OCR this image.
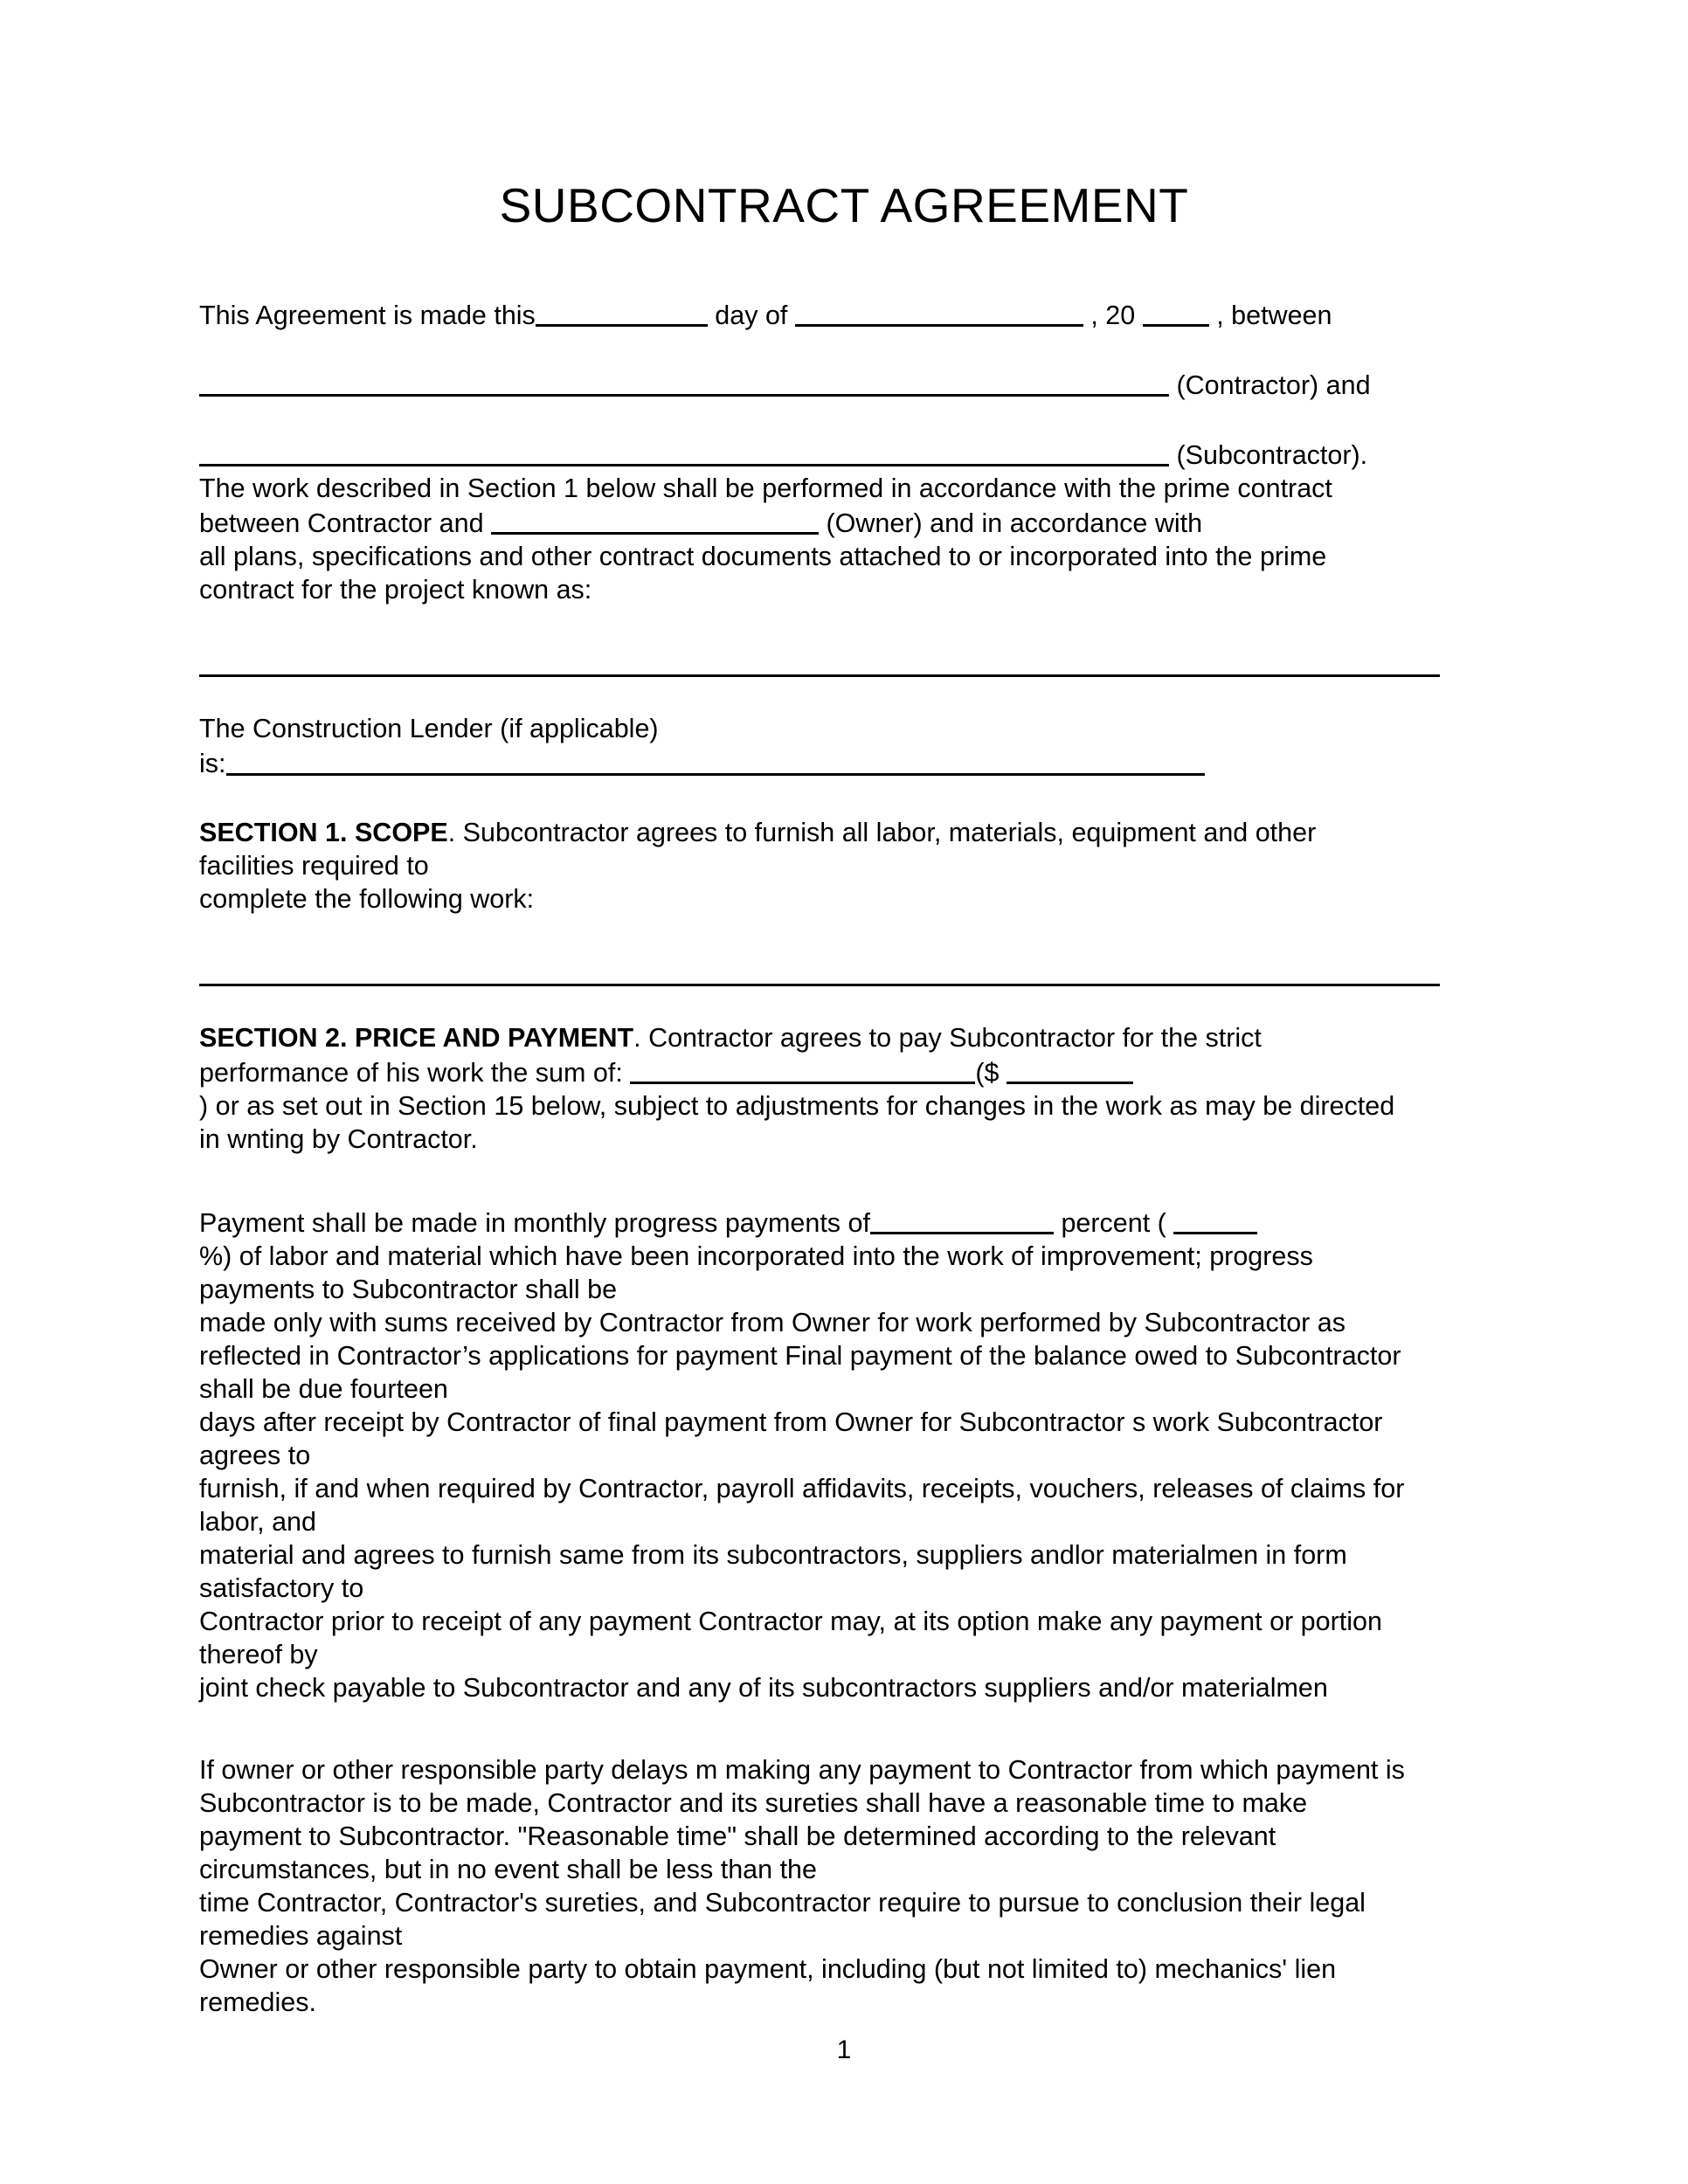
SUBCONTRACT AGREEMENT
This Agreement is made this	day of	, 20	, between
(Contractor) and
(Subcontractor).
The work described in Section 1 below shall be performed in accordance with the prime contract
between Contractor and	(Owner) and in accordance with
all plans, specifications and other contract documents attached to or incorporated into the prime
contract for the project known as:
The Construction Lender (if applicable)
is:
SECTION 1. SCOPE. Subcontractor agrees to furnish all labor, materials, equipment and other
facilities required to
complete the following work:
SECTION 2. PRICE AND PAYMENT. Contractor agrees to pay Subcontractor for the strict
performance of his work the sum of:	($
) or as set out in Section 15 below, subject to adjustments for changes in the work as may be directed
in wnting by Contractor.
Payment shall be made in monthly progress payments of	percent (
%) of labor and material which have been incorporated into the work of improvement; progress
payments to Subcontractor shall be
made only with sums received by Contractor from Owner for work performed by Subcontractor as
reflected in Contractor’s applications for payment Final payment of the balance owed to Subcontractor
shall be due fourteen
days after receipt by Contractor of final payment from Owner for Subcontractor s work Subcontractor
agrees to
furnish, if and when required by Contractor, payroll affidavits, receipts, vouchers, releases of claims for
labor, and
material and agrees to furnish same from its subcontractors, suppliers andlor materialmen in form
satisfactory to
Contractor prior to receipt of any payment Contractor may, at its option make any payment or portion
thereof by
joint check payable to Subcontractor and any of its subcontractors suppliers and/or materialmen
If owner or other responsible party delays m making any payment to Contractor from which payment is
Subcontractor is to be made, Contractor and its sureties shall have a reasonable time to make
payment to Subcontractor. "Reasonable time" shall be determined according to the relevant
circumstances, but in no event shall be less than the
time Contractor, Contractor's sureties, and Subcontractor require to pursue to conclusion their legal
remedies against
Owner or other responsible party to obtain payment, including (but not limited to) mechanics' lien
remedies.
1
